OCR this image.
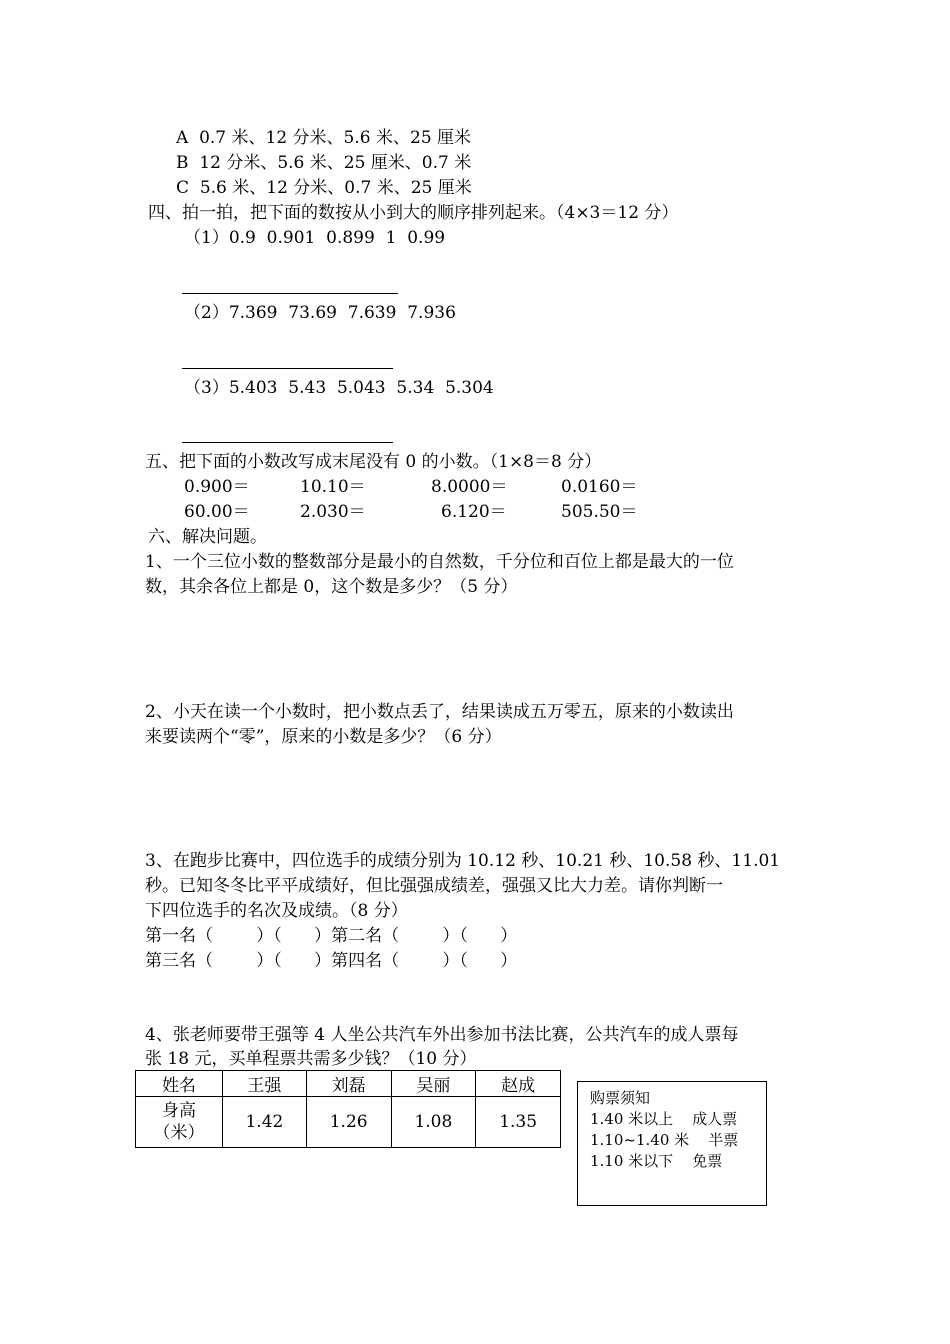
A  0.7 米、12 分米、5.6 米、25 厘米
B  12 分米、5.6 米、25 厘米、0.7 米
C  5.6 米、12 分米、0.7 米、25 厘米
四、拍一拍，把下面的数按从小到大的顺序排列起来。（4×3＝12 分）
（1）0.9  0.901  0.899  1  0.99
（2）7.369  73.69  7.639  7.936
（3）5.403  5.43  5.043  5.34  5.304
五、把下面的小数改写成末尾没有 0 的小数。（1×8＝8 分）
0.900＝	10.10＝	8.0000＝	0.0160＝
60.00＝	2.030＝	6.120＝	505.50＝
六、解决问题。
1、一个三位小数的整数部分是最小的自然数，千分位和百位上都是最大的一位
数，其余各位上都是 0，这个数是多少？（5 分）
2、小天在读一个小数时，把小数点丢了，结果读成五万零五，原来的小数读出
来要读两个“零”，原来的小数是多少？（6 分）
3、在跑步比赛中，四位选手的成绩分别为 10.12 秒、10.21 秒、10.58 秒、11.01
秒。已知冬冬比平平成绩好，但比强强成绩差，强强又比大力差。请你判断一
下四位选手的名次及成绩。（8 分）
第一名（        ）（      ）第二名（        ）（      ）
第三名（        ）（      ）第四名（        ）（      ）
4、张老师要带王强等 4 人坐公共汽车外出参加书法比赛，公共汽车的成人票每
张 18 元，买单程票共需多少钱？（10 分）
姓名	王强	刘磊	吴丽	赵成

身高
（米）	1.42	1.26	1.08	1.35
购票须知
1.40 米以上    成人票
1.10~1.40 米    半票
1.10 米以下    免票
